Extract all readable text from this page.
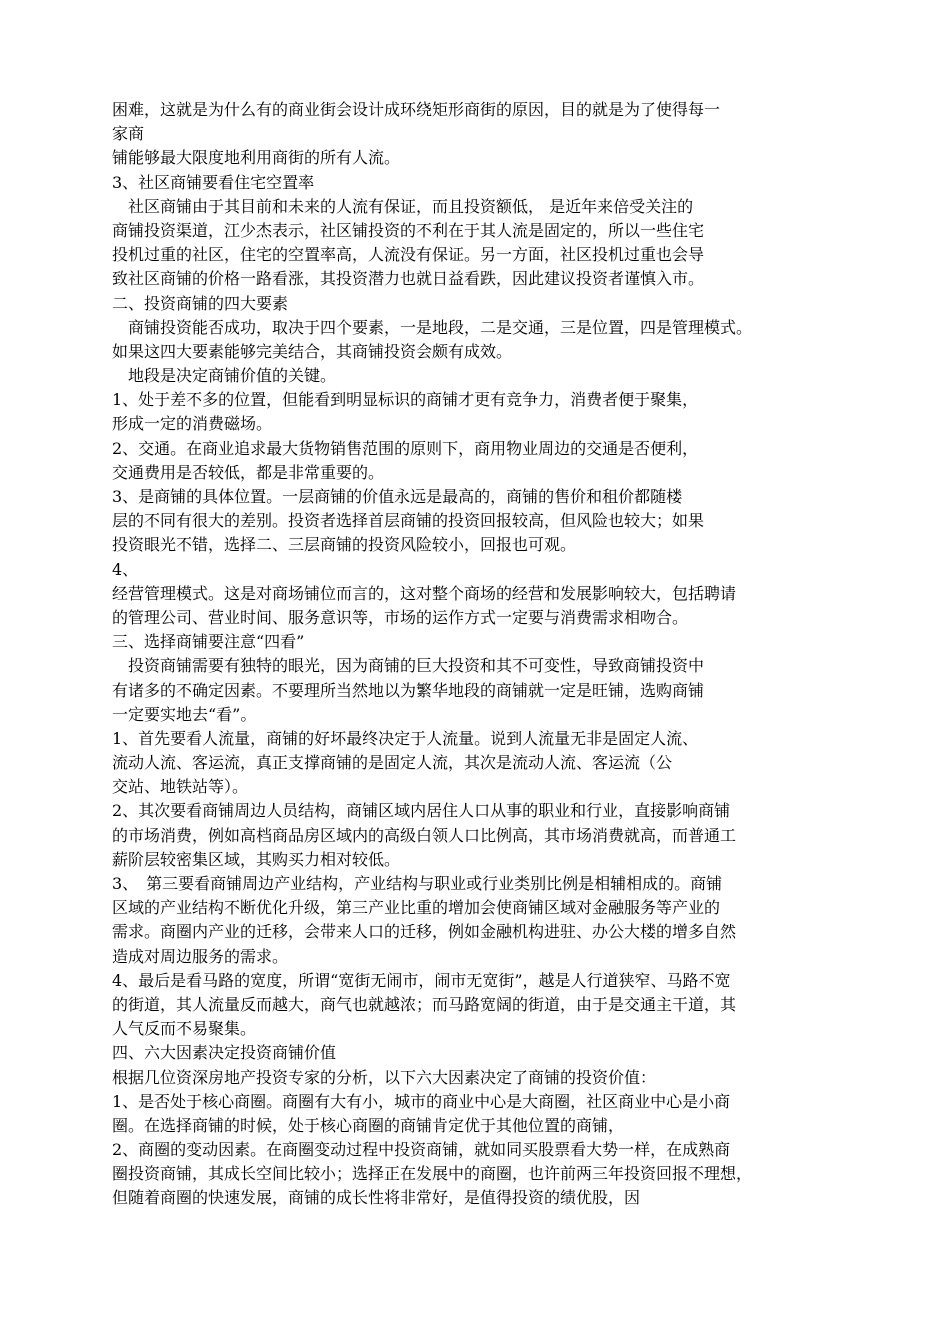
困难，这就是为什么有的商业街会设计成环绕矩形商街的原因，目的就是为了使得每一
家商
铺能够最大限度地利用商街的所有人流。
3、社区商铺要看住宅空置率
　社区商铺由于其目前和未来的人流有保证，而且投资额低， 是近年来倍受关注的
商铺投资渠道，江少杰表示，社区铺投资的不利在于其人流是固定的，所以一些住宅
投机过重的社区，住宅的空置率高，人流没有保证。另一方面，社区投机过重也会导
致社区商铺的价格一路看涨，其投资潜力也就日益看跌，因此建议投资者谨慎入市。
二、投资商铺的四大要素
　商铺投资能否成功，取决于四个要素，一是地段，二是交通，三是位置，四是管理模式。
如果这四大要素能够完美结合，其商铺投资会颇有成效。
　地段是决定商铺价值的关键。
1、处于差不多的位置，但能看到明显标识的商铺才更有竞争力，消费者便于聚集，
形成一定的消费磁场。
2、交通。在商业追求最大货物销售范围的原则下，商用物业周边的交通是否便利，
交通费用是否较低，都是非常重要的。
3、是商铺的具体位置。一层商铺的价值永远是最高的，商铺的售价和租价都随楼
层的不同有很大的差别。投资者选择首层商铺的投资回报较高，但风险也较大；如果
投资眼光不错，选择二、三层商铺的投资风险较小，回报也可观。
4、
经营管理模式。这是对商场铺位而言的，这对整个商场的经营和发展影响较大，包括聘请
的管理公司、营业时间、服务意识等，市场的运作方式一定要与消费需求相吻合。
三、选择商铺要注意“四看”
　投资商铺需要有独特的眼光，因为商铺的巨大投资和其不可变性，导致商铺投资中
有诸多的不确定因素。不要理所当然地以为繁华地段的商铺就一定是旺铺，选购商铺
一定要实地去“看”。
1、首先要看人流量，商铺的好坏最终决定于人流量。说到人流量无非是固定人流、
流动人流、客运流，真正支撑商铺的是固定人流，其次是流动人流、客运流（公
交站、地铁站等）。
2、其次要看商铺周边人员结构，商铺区域内居住人口从事的职业和行业，直接影响商铺
的市场消费，例如高档商品房区域内的高级白领人口比例高，其市场消费就高，而普通工
薪阶层较密集区域，其购买力相对较低。
3、　第三要看商铺周边产业结构，产业结构与职业或行业类别比例是相辅相成的。商铺
区域的产业结构不断优化升级，第三产业比重的增加会使商铺区域对金融服务等产业的
需求。商圈内产业的迁移，会带来人口的迁移，例如金融机构进驻、办公大楼的增多自然
造成对周边服务的需求。
4、最后是看马路的宽度，所谓“宽街无闹市，闹市无宽街”，越是人行道狭窄、马路不宽
的街道，其人流量反而越大，商气也就越浓；而马路宽阔的街道，由于是交通主干道，其
人气反而不易聚集。
四、六大因素决定投资商铺价值
根据几位资深房地产投资专家的分析，以下六大因素决定了商铺的投资价值：
1、是否处于核心商圈。商圈有大有小，城市的商业中心是大商圈，社区商业中心是小商
圈。在选择商铺的时候，处于核心商圈的商铺肯定优于其他位置的商铺，
2、商圈的变动因素。在商圈变动过程中投资商铺，就如同买股票看大势一样，在成熟商
圈投资商铺，其成长空间比较小；选择正在发展中的商圈，也许前两三年投资回报不理想，
但随着商圈的快速发展，商铺的成长性将非常好，是值得投资的绩优股，因
